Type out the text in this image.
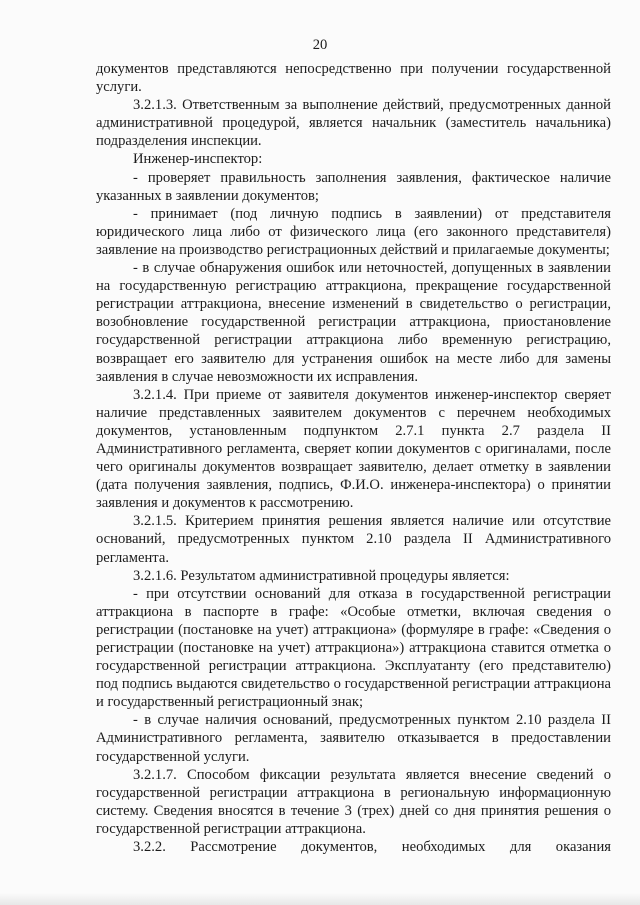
20

документов представляются непосредственно при получении государственной услуги.

3.2.1.3. Ответственным за выполнение действий, предусмотренных данной административной процедурой, является начальник (заместитель начальника) подразделения инспекции.

Инженер-инспектор:

- проверяет правильность заполнения заявления, фактическое наличие указанных в заявлении документов;

- принимает (под личную подпись в заявлении) от представителя юридического лица либо от физического лица (его законного представителя) заявление на производство регистрационных действий и прилагаемые документы;

- в случае обнаружения ошибок или неточностей, допущенных в заявлении на государственную регистрацию аттракциона, прекращение государственной регистрации аттракциона, внесение изменений в свидетельство о регистрации, возобновление государственной регистрации аттракциона, приостановление государственной регистрации аттракциона либо временную регистрацию, возвращает его заявителю для устранения ошибок на месте либо для замены заявления в случае невозможности их исправления.

3.2.1.4. При приеме от заявителя документов инженер-инспектор сверяет наличие представленных заявителем документов с перечнем необходимых документов, установленным подпунктом 2.7.1 пункта 2.7 раздела II Административного регламента, сверяет копии документов с оригиналами, после чего оригиналы документов возвращает заявителю, делает отметку в заявлении (дата получения заявления, подпись, Ф.И.О. инженера-инспектора) о принятии заявления и документов к рассмотрению.

3.2.1.5. Критерием принятия решения является наличие или отсутствие оснований, предусмотренных пунктом 2.10 раздела II Административного регламента.

3.2.1.6. Результатом административной процедуры является:

- при отсутствии оснований для отказа в государственной регистрации аттракциона в паспорте в графе: «Особые отметки, включая сведения о регистрации (постановке на учет) аттракциона» (формуляре в графе: «Сведения о регистрации (постановке на учет) аттракциона») аттракциона ставится отметка о государственной регистрации аттракциона. Эксплуатанту (его представителю) под подпись выдаются свидетельство о государственной регистрации аттракциона и государственный регистрационный знак;

- в случае наличия оснований, предусмотренных пунктом 2.10 раздела II Административного регламента, заявителю отказывается в предоставлении государственной услуги.

3.2.1.7. Способом фиксации результата является внесение сведений о государственной регистрации аттракциона в региональную информационную систему. Сведения вносятся в течение 3 (трех) дней со дня принятия решения о государственной регистрации аттракциона.

3.2.2. Рассмотрение документов, необходимых для оказания
